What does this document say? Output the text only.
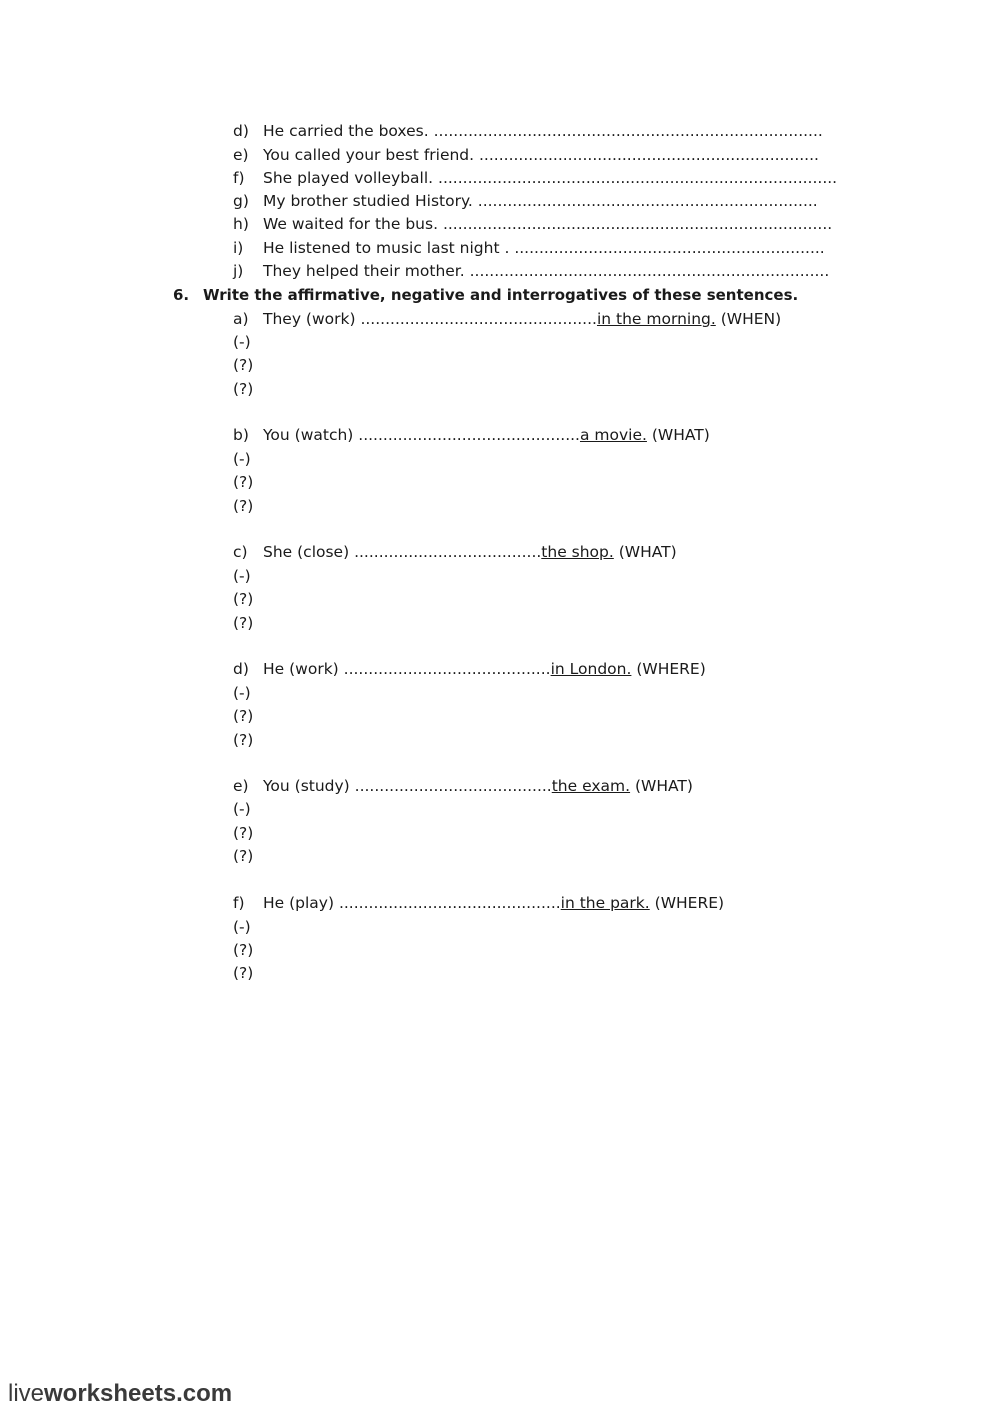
d) He carried the boxes. ...............................................................................
e) You called your best friend. .....................................................................
f) She played volleyball. .................................................................................
g) My brother studied History. .....................................................................
h) We waited for the bus. ...............................................................................
i) He listened to music last night . ...............................................................
j) They helped their mother. .........................................................................
6. Write the affirmative, negative and interrogatives of these sentences.
a) They (work) ................................................in the morning. (WHEN)
(-)
(?)
(?)
b) You (watch) .............................................a movie. (WHAT)
(-)
(?)
(?)
c) She (close) ......................................the shop. (WHAT)
(-)
(?)
(?)
d) He (work) ..........................................in London. (WHERE)
(-)
(?)
(?)
e) You (study) ........................................the exam. (WHAT)
(-)
(?)
(?)
f) He (play) .............................................in the park. (WHERE)
(-)
(?)
(?)
liveworksheets.com
